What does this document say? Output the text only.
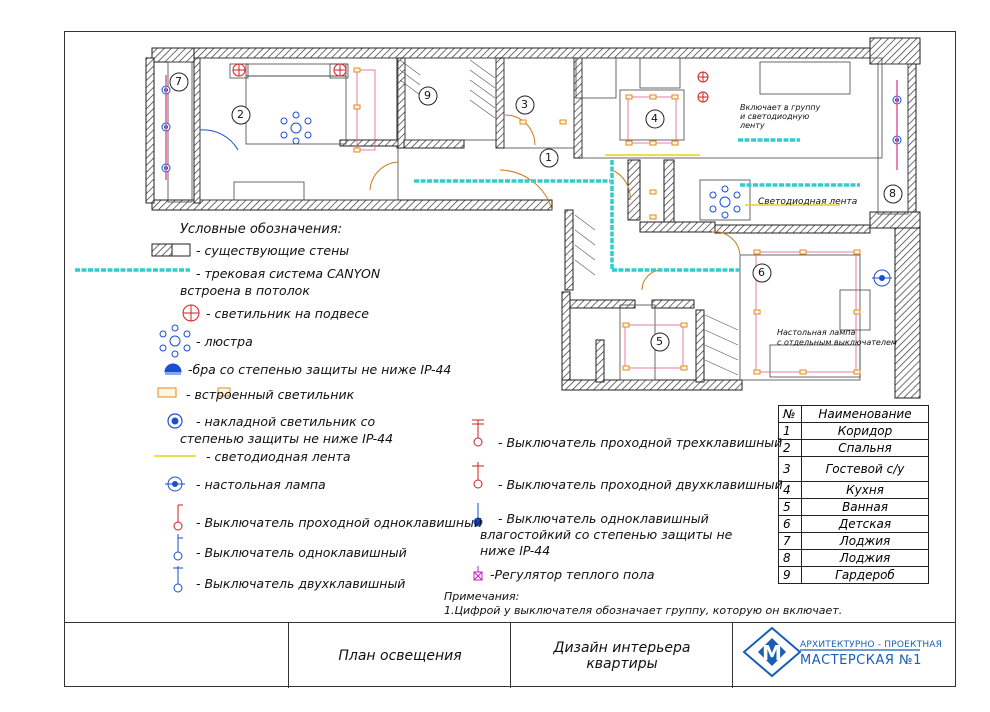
M
1
2
3
4
5
6
7
8
9
Включает в группу и светодиодную ленту
Светодиодная лента
Настольная лампа
с отдельным выключателем
Условные обозначения:
- существующие стены
- трековая система CANYON
встроена в потолок
- светильник на подвесе
- люстра
-бра со степенью защиты не ниже IP-44
- встроенный светильник
- накладной светильник со
степенью защиты не ниже IP-44
- светодиодная лента
- настольная лампа
- Выключатель проходной одноклавишный
- Выключатель одноклавишный
- Выключатель двухклавишный
- Выключатель проходной трехклавишный
- Выключатель проходной двухклавишный
- Выключатель одноклавишный
влагостойкий со степенью защиты не
ниже IP-44
-Регулятор теплого пола
№	Наименование
1	Коридор
2	Спальня
3	Гостевой с/у
4	Кухня
5	Ванная
6	Детская
7	Лоджия
8	Лоджия
9	Гардероб
Примечания:
1.Цифрой у выключателя обозначает группу, которую он включает.
План освещения	Дизайн интерьера
квартиры
АРХИТЕКТУРНО - ПРОЕКТНАЯ
МАСТЕРСКАЯ №1
